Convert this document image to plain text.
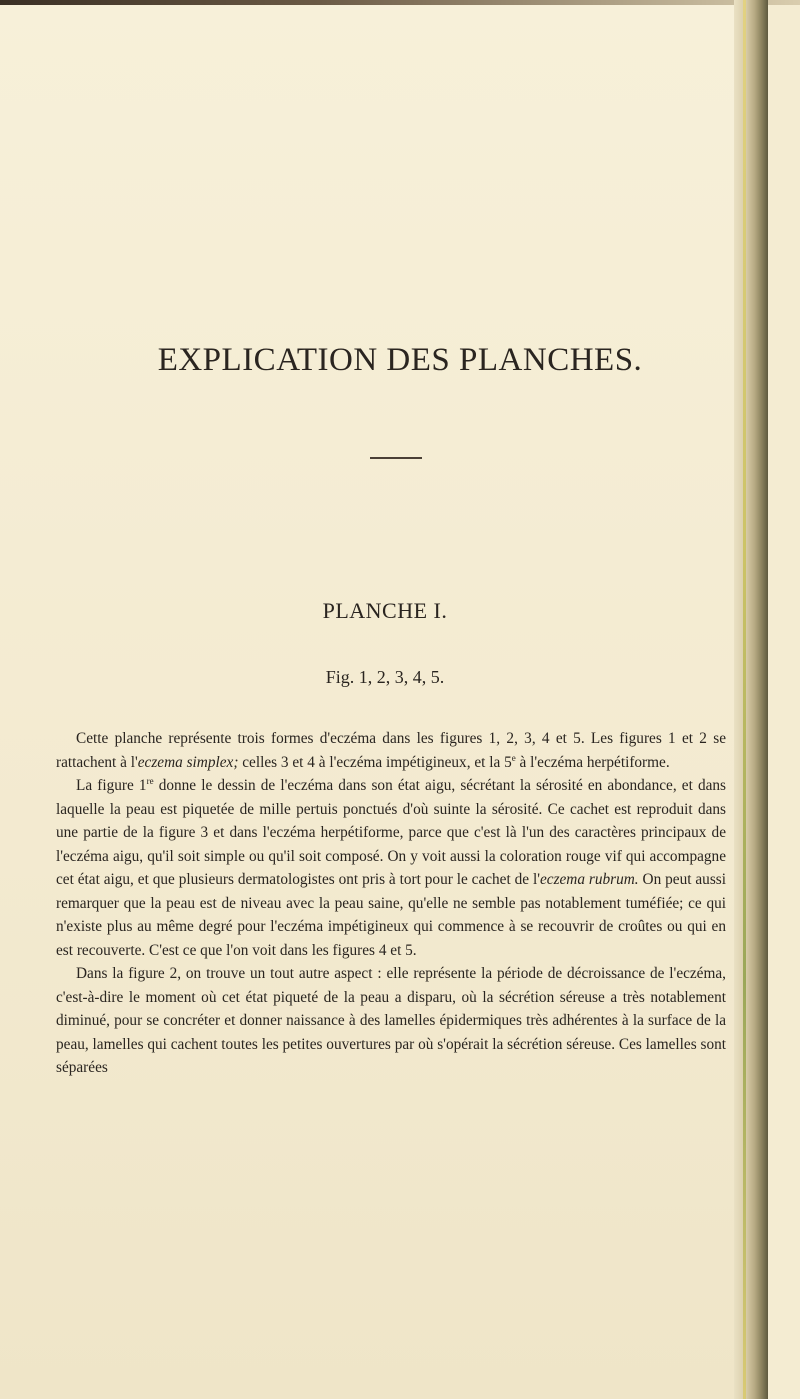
EXPLICATION DES PLANCHES.
PLANCHE I.
Fig. 1, 2, 3, 4, 5.

Cette planche représente trois formes d'eczéma dans les figures 1, 2, 3, 4 et 5. Les figures 1 et 2 se rattachent à l'eczema simplex; celles 3 et 4 à l'eczéma impétigineux, et la 5e à l'eczéma herpétiforme.

La figure 1re donne le dessin de l'eczéma dans son état aigu, sécrétant la sérosité en abondance, et dans laquelle la peau est piquetée de mille pertuis ponctués d'où suinte la sérosité. Ce cachet est reproduit dans une partie de la figure 3 et dans l'eczéma herpétiforme, parce que c'est là l'un des caractères principaux de l'eczéma aigu, qu'il soit simple ou qu'il soit composé. On y voit aussi la coloration rouge vif qui accompagne cet état aigu, et que plusieurs dermatologistes ont pris à tort pour le cachet de l'eczema rubrum. On peut aussi remarquer que la peau est de niveau avec la peau saine, qu'elle ne semble pas notablement tuméfiée; ce qui n'existe plus au même degré pour l'eczéma impétigineux qui commence à se recouvrir de croûtes ou qui en est recouverte. C'est ce que l'on voit dans les figures 4 et 5.

Dans la figure 2, on trouve un tout autre aspect : elle représente la période de décroissance de l'eczéma, c'est-à-dire le moment où cet état piqueté de la peau a disparu, où la sécrétion séreuse a très notablement diminué, pour se concréter et donner naissance à des lamelles épidermiques très adhérentes à la surface de la peau, lamelles qui cachent toutes les petites ouvertures par où s'opérait la sécrétion séreuse. Ces lamelles sont séparées
